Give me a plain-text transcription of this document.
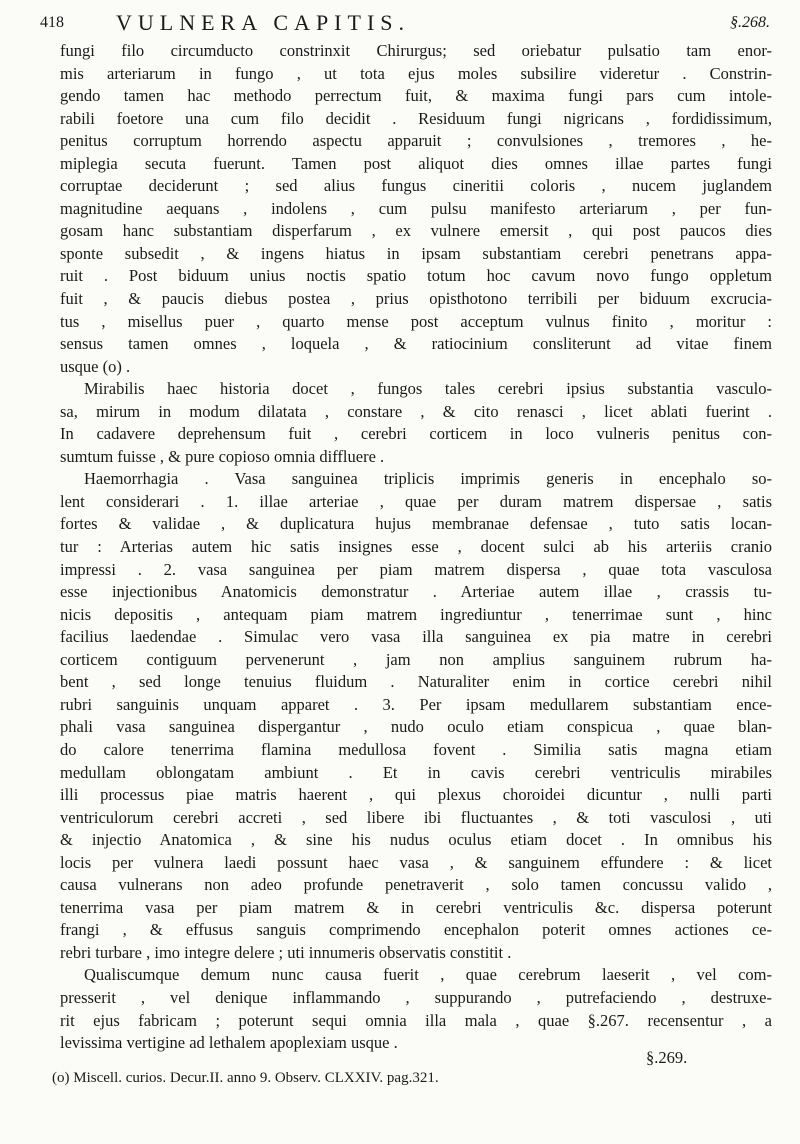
418 VULNERA CAPITIS.	§.268.
fungi filo circumducto constrinxit Chirurgus; sed oriebatur pulsatio tam enor-
mis arteriarum in fungo , ut tota ejus moles subsilire videretur . Constrin-
gendo tamen hac methodo perrectum fuit, & maxima fungi pars cum intole-
rabili foetore una cum filo decidit . Residuum fungi nigricans , fordidissimum,
penitus corruptum horrendo aspectu apparuit ; convulsiones , tremores , he-
miplegia secuta fuerunt. Tamen post aliquot dies omnes illae partes fungi
corruptae deciderunt ; sed alius fungus cineritii coloris , nucem juglandem
magnitudine aequans , indolens , cum pulsu manifesto arteriarum , per fun-
gosam hanc substantiam disperfarum , ex vulnere emersit , qui post paucos dies
sponte subsedit , & ingens hiatus in ipsam substantiam cerebri penetrans appa-
ruit . Post biduum unius noctis spatio totum hoc cavum novo fungo oppletum
fuit , & paucis diebus postea , prius opisthotono terribili per biduum excrucia-
tus , misellus puer , quarto mense post acceptum vulnus finito , moritur :
sensus tamen omnes , loquela , & ratiocinium consliterunt ad vitae finem
usque (o) .
Mirabilis haec historia docet , fungos tales cerebri ipsius substantia vasculo-
sa, mirum in modum dilatata , constare , & cito renasci , licet ablati fuerint .
In cadavere deprehensum fuit , cerebri corticem in loco vulneris penitus con-
sumtum fuisse , & pure copioso omnia diffluere .
Haemorrhagia . Vasa sanguinea triplicis imprimis generis in encephalo so-
lent considerari . 1. illae arteriae , quae per duram matrem dispersae , satis
fortes & validae , & duplicatura hujus membranae defensae , tuto satis locan-
tur : Arterias autem hic satis insignes esse , docent sulci ab his arteriis cranio
impressi . 2. vasa sanguinea per piam matrem dispersa , quae tota vasculosa
esse injectionibus Anatomicis demonstratur . Arteriae autem illae , crassis tu-
nicis depositis , antequam piam matrem ingrediuntur , tenerrimae sunt , hinc
facilius laedendae . Simulac vero vasa illa sanguinea ex pia matre in cerebri
corticem contiguum pervenerunt , jam non amplius sanguinem rubrum ha-
bent , sed longe tenuius fluidum . Naturaliter enim in cortice cerebri nihil
rubri sanguinis unquam apparet . 3. Per ipsam medullarem substantiam ence-
phali vasa sanguinea dispergantur , nudo oculo etiam conspicua , quae blan-
do calore tenerrima flamina medullosa fovent . Similia satis magna etiam
medullam oblongatam ambiunt . Et in cavis cerebri ventriculis mirabiles
illi processus piae matris haerent , qui plexus choroidei dicuntur , nulli parti
ventriculorum cerebri accreti , sed libere ibi fluctuantes , & toti vasculosi , uti
& injectio Anatomica , & sine his nudus oculus etiam docet . In omnibus his
locis per vulnera laedi possunt haec vasa , & sanguinem effundere : & licet
causa vulnerans non adeo profunde penetraverit , solo tamen concussu valido ,
tenerrima vasa per piam matrem & in cerebri ventriculis &c. dispersa poterunt
frangi , & effusus sanguis comprimendo encephalon poterit omnes actiones ce-
rebri turbare , imo integre delere ; uti innumeris observatis constitit .
Qualiscumque demum nunc causa fuerit , quae cerebrum laeserit , vel com-
presserit , vel denique inflammando , suppurando , putrefaciendo , destruxe-
rit ejus fabricam ; poterunt sequi omnia illa mala , quae §.267. recensentur , a
levissima vertigine ad lethalem apoplexiam usque .
§.269.
(o) Miscell. curios. Decur.II. anno 9. Observ. CLXXIV. pag.321.
